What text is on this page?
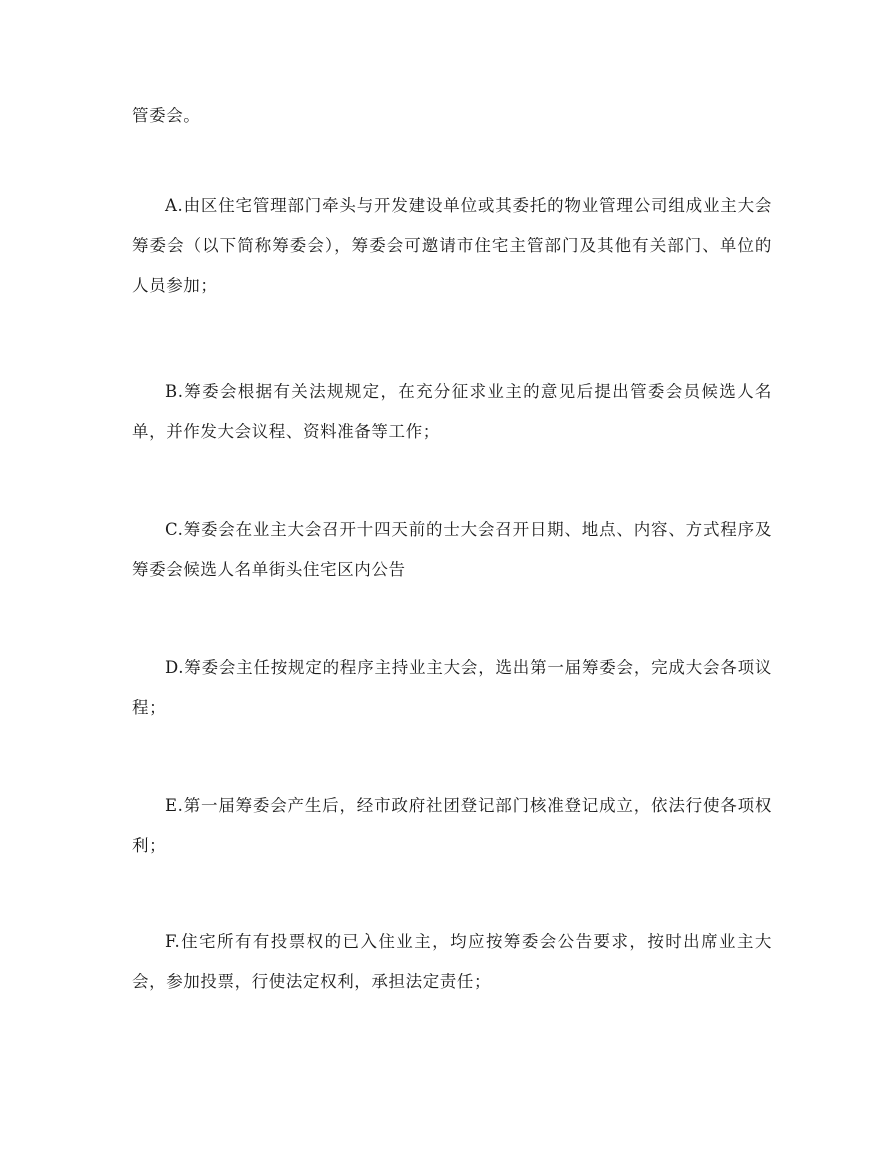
管委会。

A.由区住宅管理部门牵头与开发建设单位或其委托的物业管理公司组成业主大会筹委会（以下简称筹委会），筹委会可邀请市住宅主管部门及其他有关部门、单位的人员参加；

B.筹委会根据有关法规规定，在充分征求业主的意见后提出管委会员候选人名单，并作发大会议程、资料准备等工作；

C.筹委会在业主大会召开十四天前的士大会召开日期、地点、内容、方式程序及筹委会候选人名单街头住宅区内公告

D.筹委会主任按规定的程序主持业主大会，选出第一届筹委会，完成大会各项议程；

E.第一届筹委会产生后，经市政府社团登记部门核准登记成立，依法行使各项权利；

F.住宅所有有投票权的已入住业主，均应按筹委会公告要求，按时出席业主大会，参加投票，行使法定权利，承担法定责任；
